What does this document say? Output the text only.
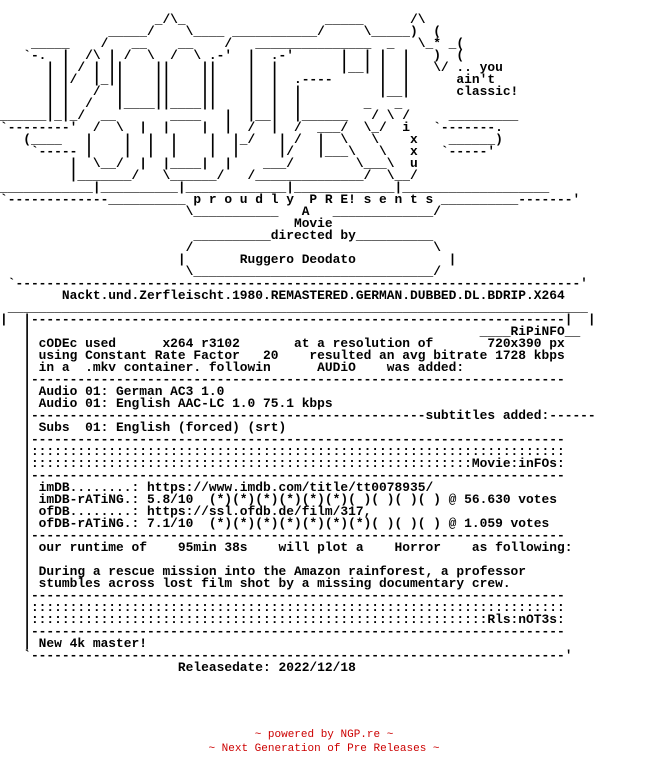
_/\_                  _____      /\
_____/    \____ ___________/     \_____)  (
_____    /   __    __    /   _______________  _   \_* _(
`-.  |  /\ | /  \  /  \ .-'  |  .-'      |  | |  |   )  (
| | / | ||    ||    ||    |  |        |__| |  |   \/ .. you
| |/  |_||    ||    ||    |  |  .----      |  |      ain't
| |   /  |    ||    ||    |  |  |          |__|      classic!
| |  /   |____||____||    |  |  |        _   _
______|_|_/  __       ____   |  |__|  |______   / \ /     _________
`--------'  /  \  |  |    |  |  /  |  /  ___/  \_/  i   `-------.
(____   |    |  |  |    |  |_/   | /  |  \   \    x    ______)
`----- |    |  |  |    |  |     |/   |___\   \   x   `-----'
|  \__/  |  |____|  |    ___/        \___\  u
|_______/   \______/   /______________/  \__/
____________|__________|_____________|_____________|___________________
`-------------__________ p r o u d l y  P R E! s e n t s __________-------'
\___________   A   _____________/
Movie
__________directed by__________
/                               \
|       Ruggero Deodato            |
\_______________________________/
`-------------------------------------------------------------------------'
Nackt.und.Zerfleischt.1980.REMASTERED.GERMAN.DUBBED.DL.BDRIP.X264
___________________________________________________________________________
|  |---------------------------------------------------------------------|  |
|                                                          ____RiPiNFO__
| cODEc used      x264 r3102       at a resolution of       720x390 px
| using Constant Rate Factor   20    resulted an avg bitrate 1728 kbps
| in a  .mkv container. followin      AUDiO    was added:
|---------------------------------------------------------------------
| Audio 01: German AC3 1.0
| Audio 01: English AAC-LC 1.0 75.1 kbps
|---------------------------------------------------subtitles added:------
| Subs  01: English (forced) (srt)
|---------------------------------------------------------------------
|:::::::::::::::::::::::::::::::::::::::::::::::::::::::::::::::::::::
|:::::::::::::::::::::::::::::::::::::::::::::::::::::::::Movie:inFOs:
|---------------------------------------------------------------------
| imDB........: https://www.imdb.com/title/tt0078935/
| imDB-rATiNG.: 5.8/10  (*)(*)(*)(*)(*)(*)( )( )( )( ) @ 56.630 votes
| ofDB........: https://ssl.ofdb.de/film/317,
| ofDB-rATiNG.: 7.1/10  (*)(*)(*)(*)(*)(*)(*)( )( )( ) @ 1.059 votes
|---------------------------------------------------------------------
| our runtime of    95min 38s    will plot a    Horror    as following:
|
| During a rescue mission into the Amazon rainforest, a professor
| stumbles across lost film shot by a missing documentary crew.
|---------------------------------------------------------------------
|:::::::::::::::::::::::::::::::::::::::::::::::::::::::::::::::::::::
|:::::::::::::::::::::::::::::::::::::::::::::::::::::::::::Rls:nOT3s:
|---------------------------------------------------------------------
| New 4k master!
`---------------------------------------------------------------------'
Releasedate: 2022/12/18
~ powered by NGP.re ~
~ Next Generation of Pre Releases ~
